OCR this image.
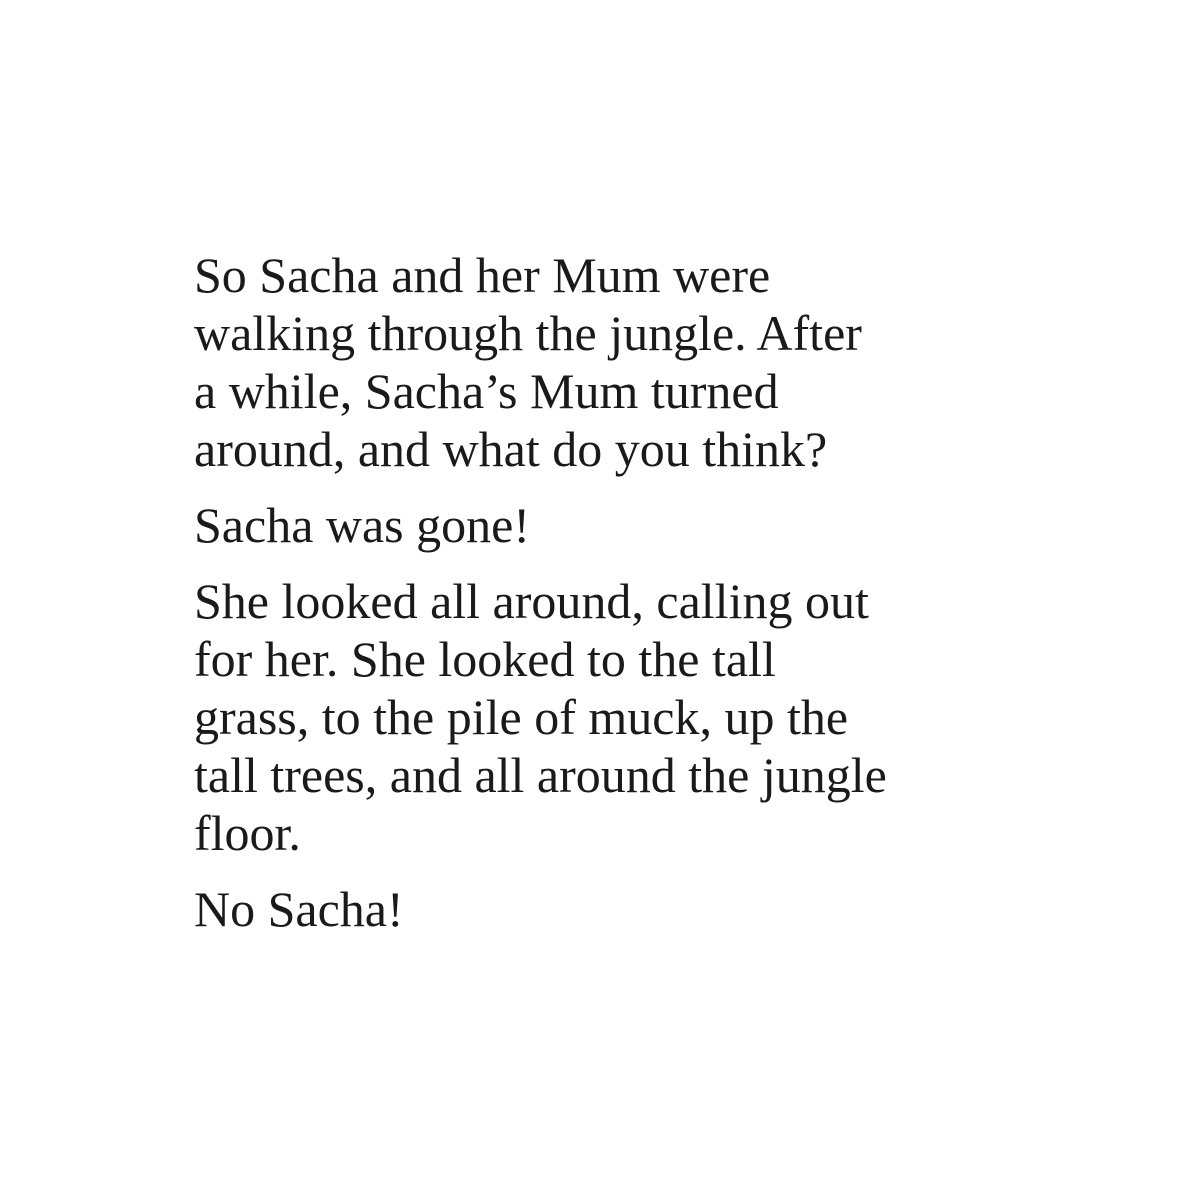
So Sacha and her Mum were
walking through the jungle. After
a while, Sacha’s Mum turned
around, and what do you think?

Sacha was gone!

She looked all around, calling out
for her. She looked to the tall
grass, to the pile of muck, up the
tall trees, and all around the jungle
floor.

No Sacha!
